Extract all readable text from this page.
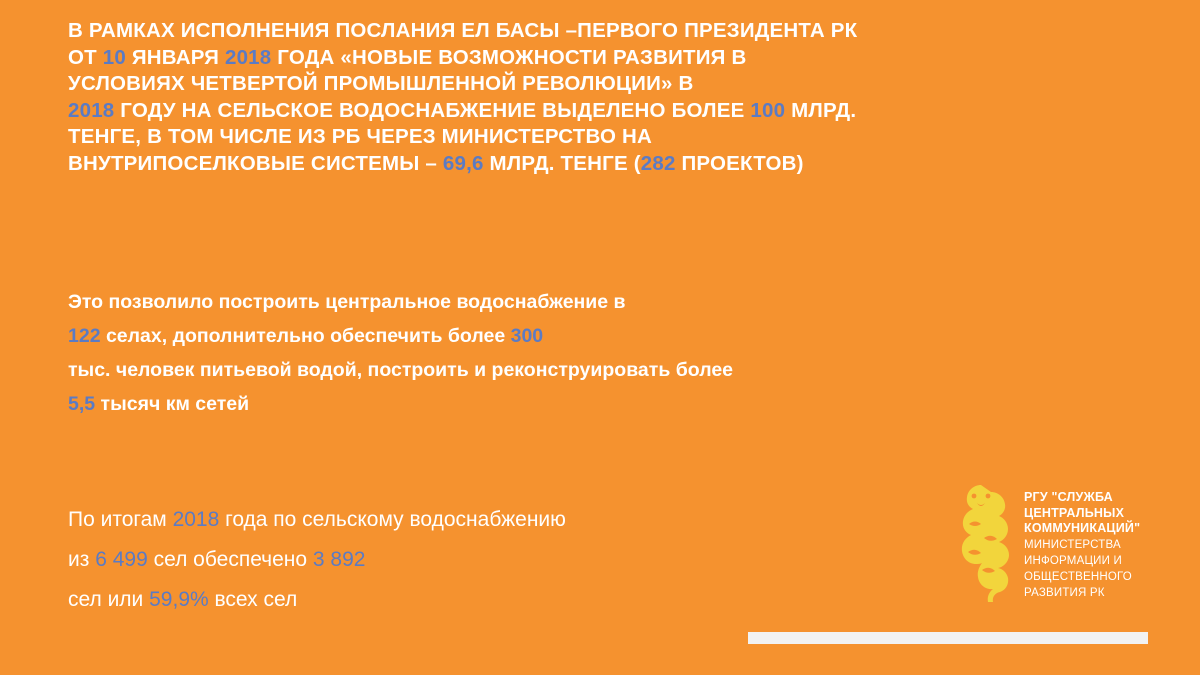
В РАМКАХ ИСПОЛНЕНИЯ ПОСЛАНИЯ ЕЛ БАСЫ –ПЕРВОГО ПРЕЗИДЕНТА РК
ОТ 10 ЯНВАРЯ 2018 ГОДА «НОВЫЕ ВОЗМОЖНОСТИ РАЗВИТИЯ В
УСЛОВИЯХ ЧЕТВЕРТОЙ ПРОМЫШЛЕННОЙ РЕВОЛЮЦИИ» В
2018 ГОДУ НА СЕЛЬСКОЕ ВОДОСНАБЖЕНИЕ ВЫДЕЛЕНО БОЛЕЕ 100 МЛРД.
ТЕНГЕ, В ТОМ ЧИСЛЕ ИЗ РБ ЧЕРЕЗ МИНИСТЕРСТВО НА
ВНУТРИПОСЕЛКОВЫЕ СИСТЕМЫ – 69,6 МЛРД. ТЕНГЕ (282 ПРОЕКТОВ)
Это позволило построить центральное водоснабжение в
122 селах, дополнительно обеспечить более 300
тыс. человек питьевой водой, построить и реконструировать более
5,5 тысяч км сетей
По итогам 2018 года по сельскому водоснабжению
из 6 499 сел обеспечено 3 892
сел или 59,9% всех сел
РГУ "СЛУЖБА
ЦЕНТРАЛЬНЫХ
КОММУНИКАЦИЙ"
МИНИСТЕРСТВА
ИНФОРМАЦИИ И
ОБЩЕСТВЕННОГО
РАЗВИТИЯ РК
